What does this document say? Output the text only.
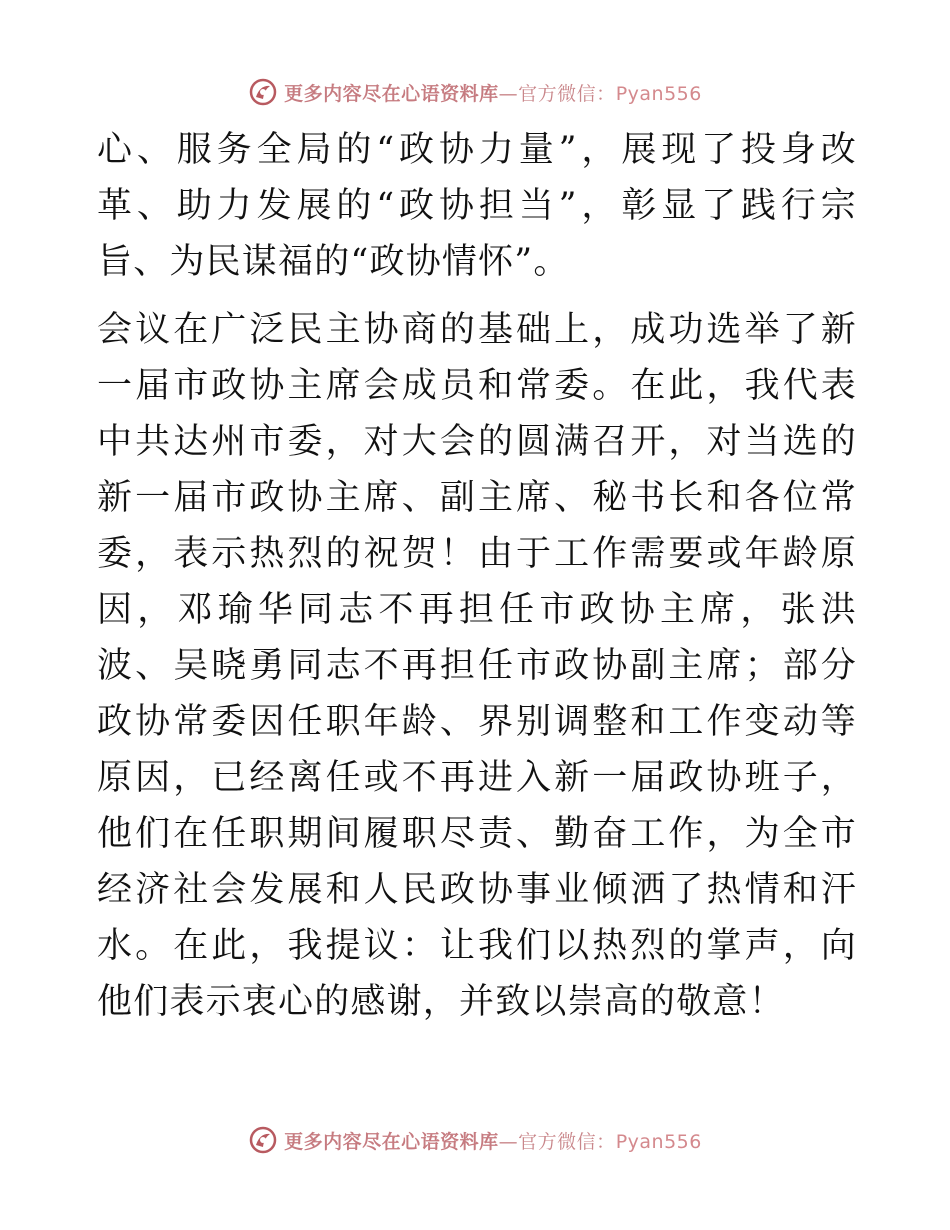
更多内容尽在心语资料库—官方微信：Pyan556

心、服务全局的“政协力量”，展现了投身改革、助力发展的“政协担当”，彰显了践行宗旨、为民谋福的“政协情怀”。

会议在广泛民主协商的基础上，成功选举了新一届市政协主席会成员和常委。在此，我代表中共达州市委，对大会的圆满召开，对当选的新一届市政协主席、副主席、秘书长和各位常委，表示热烈的祝贺！由于工作需要或年龄原因，邓瑜华同志不再担任市政协主席，张洪波、吴晓勇同志不再担任市政协副主席；部分政协常委因任职年龄、界别调整和工作变动等原因，已经离任或不再进入新一届政协班子，他们在任职期间履职尽责、勤奋工作，为全市经济社会发展和人民政协事业倾洒了热情和汗水。在此，我提议：让我们以热烈的掌声，向他们表示衷心的感谢，并致以崇高的敬意！

更多内容尽在心语资料库—官方微信：Pyan556
